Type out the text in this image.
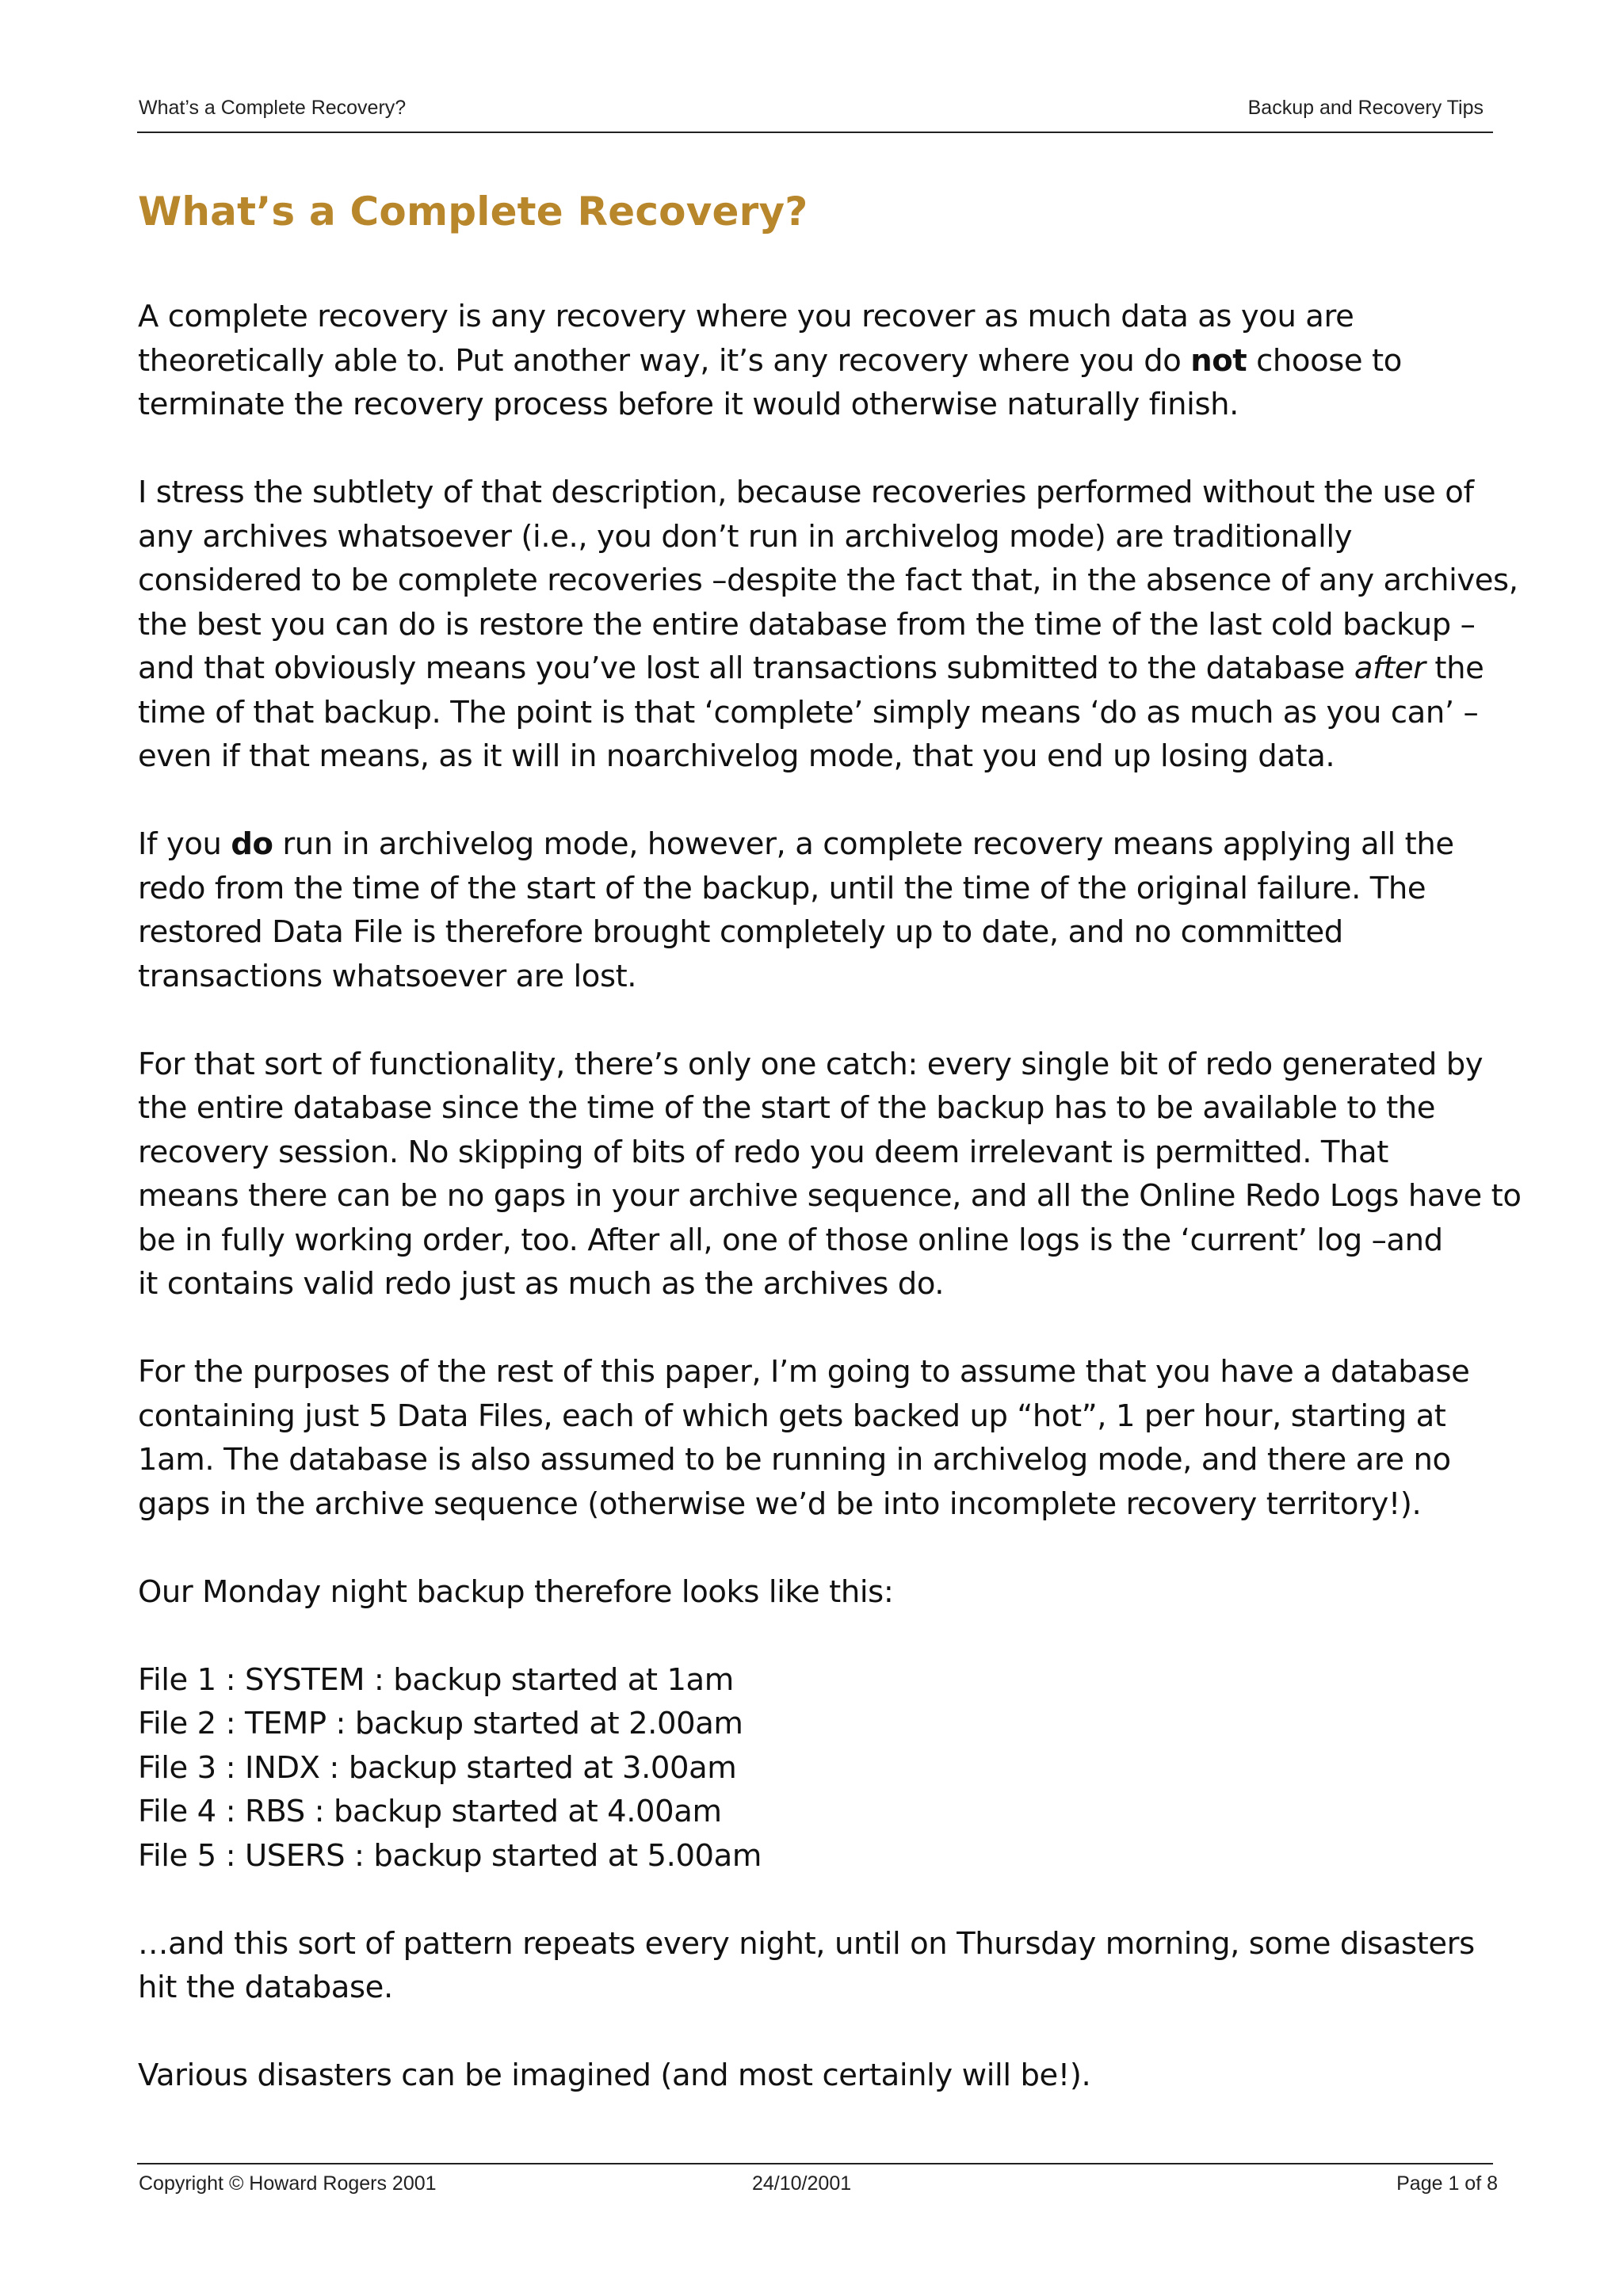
What’s a Complete Recovery?	Backup and Recovery Tips
What’s a Complete Recovery?

A complete recovery is any recovery where you recover as much data as you are
theoretically able to. Put another way, it’s any recovery where you do not choose to
terminate the recovery process before it would otherwise naturally finish.

I stress the subtlety of that description, because recoveries performed without the use of
any archives whatsoever (i.e., you don’t run in archivelog mode) are traditionally
considered to be complete recoveries –despite the fact that, in the absence of any archives,
the best you can do is restore the entire database from the time of the last cold backup –
and that obviously means you’ve lost all transactions submitted to the database after the
time of that backup. The point is that ‘complete’ simply means ‘do as much as you can’ –
even if that means, as it will in noarchivelog mode, that you end up losing data.

If you do run in archivelog mode, however, a complete recovery means applying all the
redo from the time of the start of the backup, until the time of the original failure. The
restored Data File is therefore brought completely up to date, and no committed
transactions whatsoever are lost.

For that sort of functionality, there’s only one catch: every single bit of redo generated by
the entire database since the time of the start of the backup has to be available to the
recovery session. No skipping of bits of redo you deem irrelevant is permitted. That
means there can be no gaps in your archive sequence, and all the Online Redo Logs have to
be in fully working order, too. After all, one of those online logs is the ‘current’ log –and
it contains valid redo just as much as the archives do.

For the purposes of the rest of this paper, I’m going to assume that you have a database
containing just 5 Data Files, each of which gets backed up “hot”, 1 per hour, starting at
1am. The database is also assumed to be running in archivelog mode, and there are no
gaps in the archive sequence (otherwise we’d be into incomplete recovery territory!).

Our Monday night backup therefore looks like this:

File 1 : SYSTEM : backup started at 1am
File 2 : TEMP : backup started at 2.00am
File 3 : INDX : backup started at 3.00am
File 4 : RBS : backup started at 4.00am
File 5 : USERS : backup started at 5.00am

…and this sort of pattern repeats every night, until on Thursday morning, some disasters
hit the database.

Various disasters can be imagined (and most certainly will be!).

Copyright © Howard Rogers 2001	24/10/2001	Page 1 of 8
